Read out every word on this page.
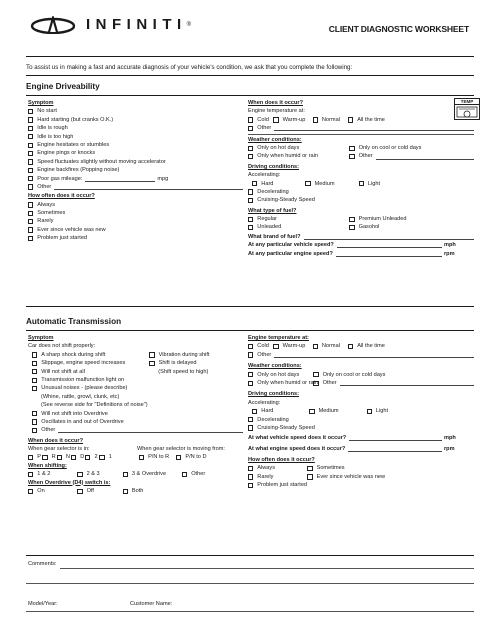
INFINITI ®	CLIENT DIAGNOSTIC WORKSHEET
To assist us in making a fast and accurate diagnosis of your vehicle's condition, we ask that you complete the following:
Engine Driveability
Symptom
No start
Hard starting (but cranks O.K.)
Idle is rough
Idle is too high
Engine hesitates or stumbles
Engine pings or knocks
Speed fluctuates slightly without moving accelerator
Engine backfires (Popping noise)
Poor gas mileage:	mpg
Other
How often does it occur?
Always
Sometimes
Rarely
Ever since vehicle was new
Problem just started
When does it occur?
Engine temperature at:
Cold	Warm-up	Normal	All the time
Other
Weather conditions:
Only on hot days	Only on cool or cold days
Only when humid or rain	Other
Driving conditions:
Accelerating:
Hard	Medium	Light
Decelerating
Cruising-Steady Speed
What type of fuel?
Regular	Premium Unleaded
Unleaded	Gasohol
What brand of fuel?
At any particular vehicle speed?	mph
At any particular engine speed?	rpm
TEMP
Automatic Transmission
Symptom
Car does not shift properly:
A sharp shock during shift	Vibration during shift
Slippage, engine speed increases	Shift is delayed
Will not shift at all	(Shift speed to high)
Transmission malfunction light on
Unusual noises - (please describe)
(Whine, rattle, growl, clunk, etc)
(See reverse side for "Definitions of noise")
Will not shift into Overdrive
Oscillates in and out of Overdrive
Other
When does it occur?
When gear selector is in:	When gear selector is moving from:
P R N D 2	1	P/N to R	P/N to D
When shifting:
1 & 2	2 & 3	3 & Overdrive	Other
When Overdrive (D4) switch is:
On	Off	Both
Engine temperature at:
Cold	Warm-up	Normal	All the time
Other
Weather conditions:
Only on hot days	Only on cool or cold days
Only when humid or rain Other
Driving conditions:
Accelerating:
Hard	Medium	Light
Decelerating
Cruising-Steady Speed
At what vehicle speed does it occur?	mph
At what engine speed does it occur?	rpm
How often does it occur?
Always	Sometimes
Rarely	Ever since vehicle was new
Problem just started
Comments:
Model/Year:	Customer Name:
